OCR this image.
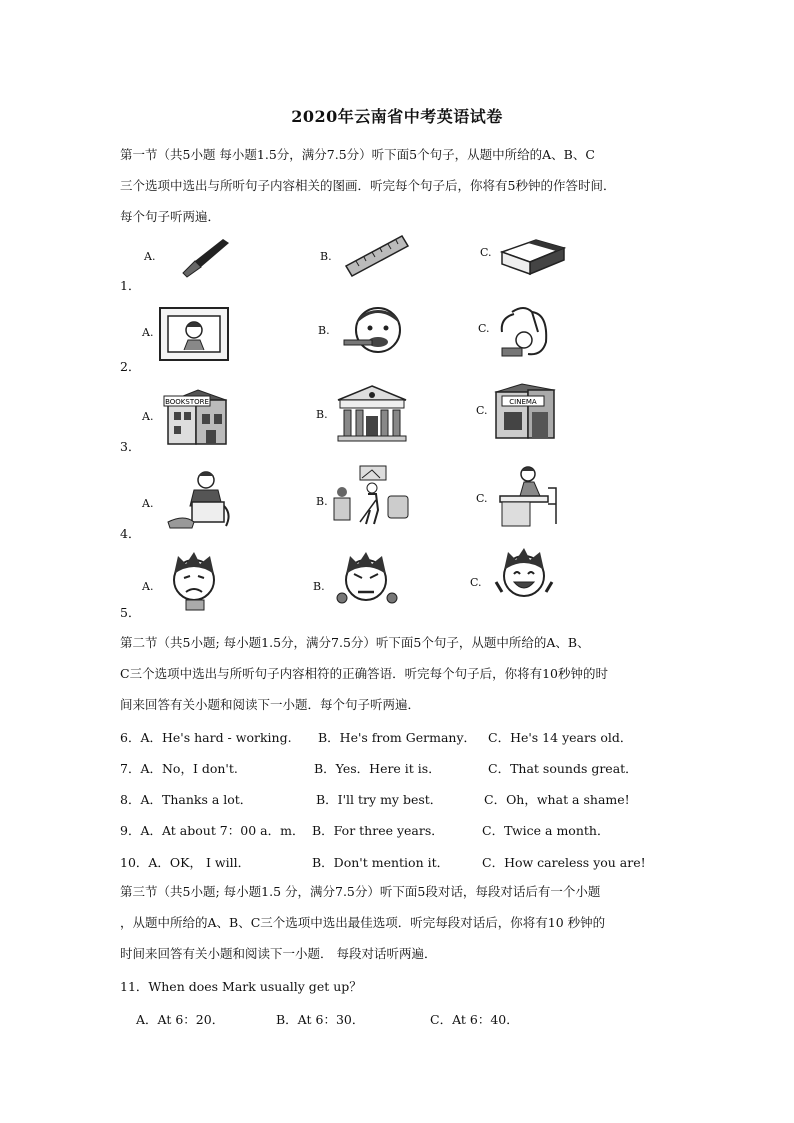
2020年云南省中考英语试卷
第一节（共5小题 每小题1.5分，满分7.5分）听下面5个句子，从题中所给的A、B、C
三个选项中选出与所听句子内容相关的图画．听完每个句子后，你将有5秒钟的作答时间．
每个句子听两遍．
1．
A.	B.	C.
2．
A.	B.	C.
3．
A.
BOOKSTORE
B.	C.
CINEMA
4．
A.	B.	C.
5．
A.	B.	C.
第二节（共5小题; 每小题1.5分，满分7.5分）听下面5个句子，从题中所给的A、B、
C三个选项中选出与所听句子内容相符的正确答语．听完每个句子后，你将有10秒钟的时
间来回答有关小题和阅读下一小题．每个句子听两遍．
6．A．He's hard - working. B．He's from Germany． C．He's 14 years old．
7．A．No，I don't.	B．Yes．Here it is．	C．That sounds great．
8．A．Thanks a lot．	B．I'll try my best．	C．Oh，what a shame!
9．A．At about 7：00 a．m． B．For three years．	C．Twice a month．
10．A．OK， I will．	B．Don't mention it．	C．How careless you are!
第三节（共5小题; 每小题1.5 分，满分7.5分）听下面5段对话，每段对话后有一个小题
，从题中所给的A、B、C三个选项中选出最佳选项．听完每段对话后，你将有10 秒钟的
时间来回答有关小题和阅读下一小题． 每段对话听两遍．
11．When does Mark usually get up？
A．At 6：20．	B．At 6：30．	C．At 6：40．
